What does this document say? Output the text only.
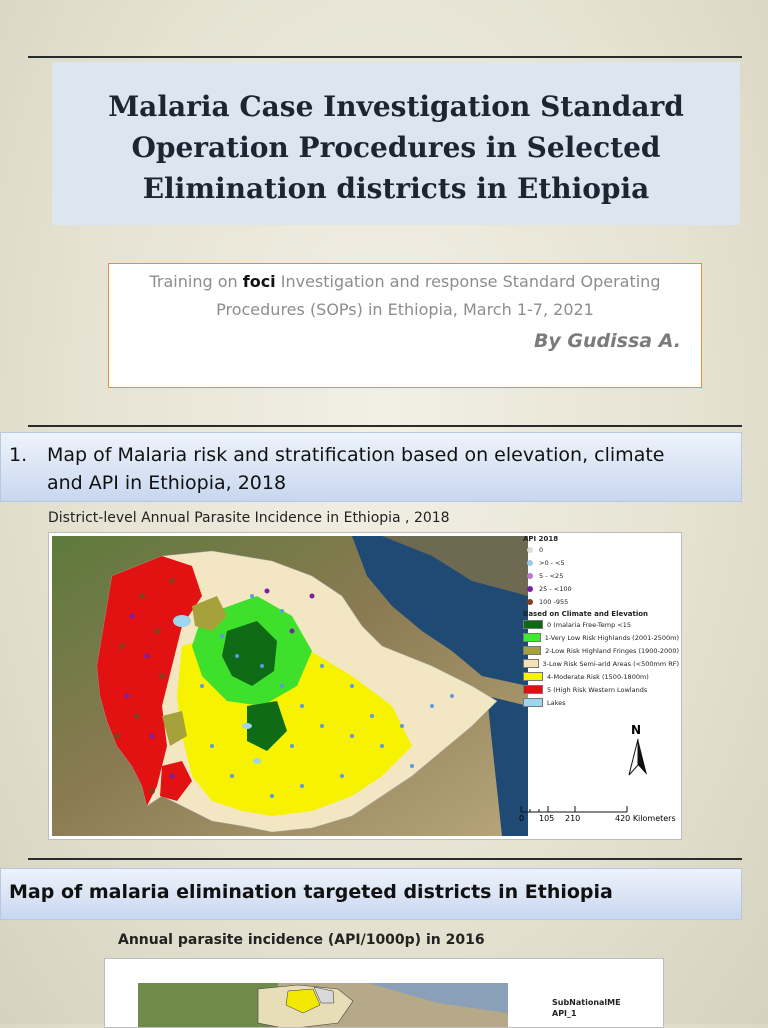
Malaria Case Investigation Standard Operation Procedures in Selected Elimination districts in Ethiopia
Training on foci Investigation and response Standard Operating
Procedures (SOPs) in Ethiopia, March 1-7, 2021
By Gudissa A.
1. Map of Malaria risk and stratification based on elevation, climate
and API in Ethiopia, 2018
District-level Annual Parasite Incidence in Ethiopia , 2018
API 2018
0
>0 - <5
5 - <25
25 - <100
100 -955
Based on Climate and Elevation
0 (malaria Free-Temp <15
1-Very Low Risk Highlands (2001-2500m)
2-Low Risk Highland Fringes (1900-2000)
3-Low Risk Semi-arid Areas (<500mm RF)
4-Moderate Risk (1500-1800m)
5 (High Risk Western Lowlands
Lakes
N
0 105 210	420 Kilometers
Map of malaria elimination targeted districts in Ethiopia
Annual parasite incidence (API/1000p) in 2016
SubNationalME
API_1
